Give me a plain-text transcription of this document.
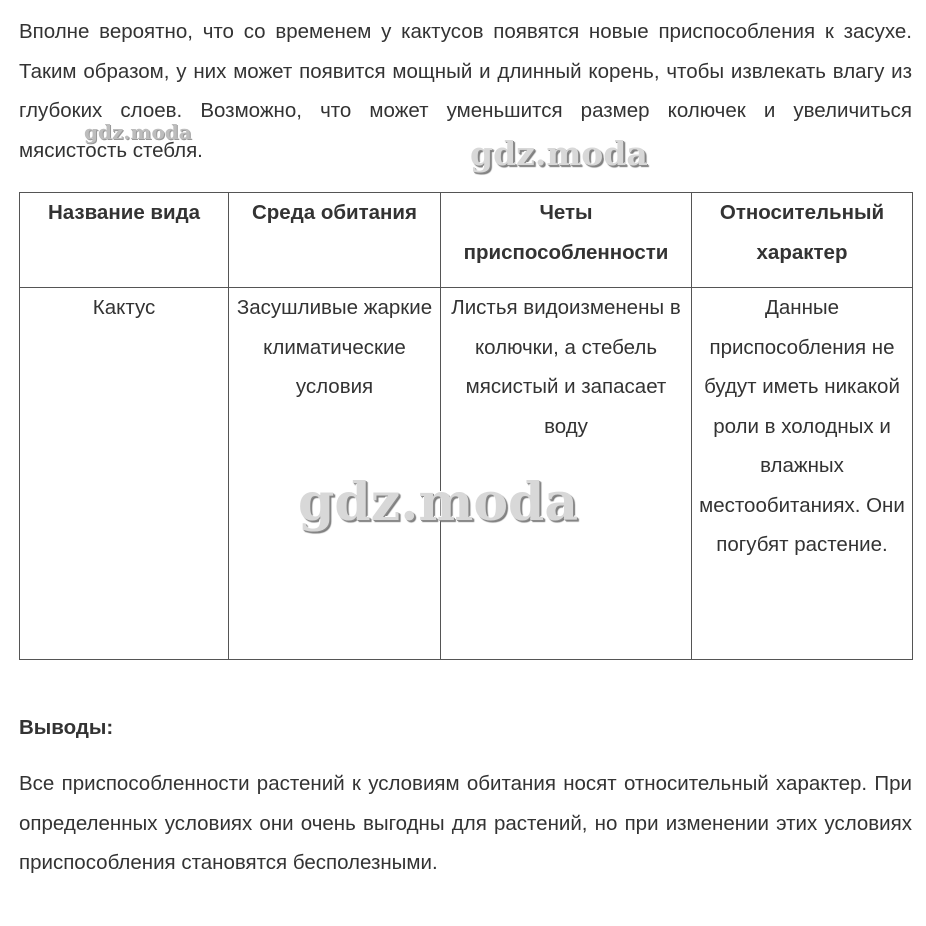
Вполне вероятно, что со временем у кактусов появятся новые приспособления к засухе. Таким образом, у них может появится мощный и длинный корень, чтобы извлекать влагу из глубоких слоев. Возможно, что может уменьшится размер колючек и увеличиться мясистость стебля.

Название вида	Среда обитания	Четы приспособленности	Относительный характер
Кактус	Засушливые жаркие климатические условия	Листья видоизменены в колючки, а стебель мясистый и запасает воду	Данные приспособления не будут иметь никакой роли в холодных и влажных местообитаниях. Они погубят растение.
Выводы:

Все приспособленности растений к условиям обитания носят относительный характер. При определенных условиях они очень выгодны для растений, но при изменении этих условиях приспособления становятся бесполезными.

gdz.moda
gdz.moda
gdz.moda
